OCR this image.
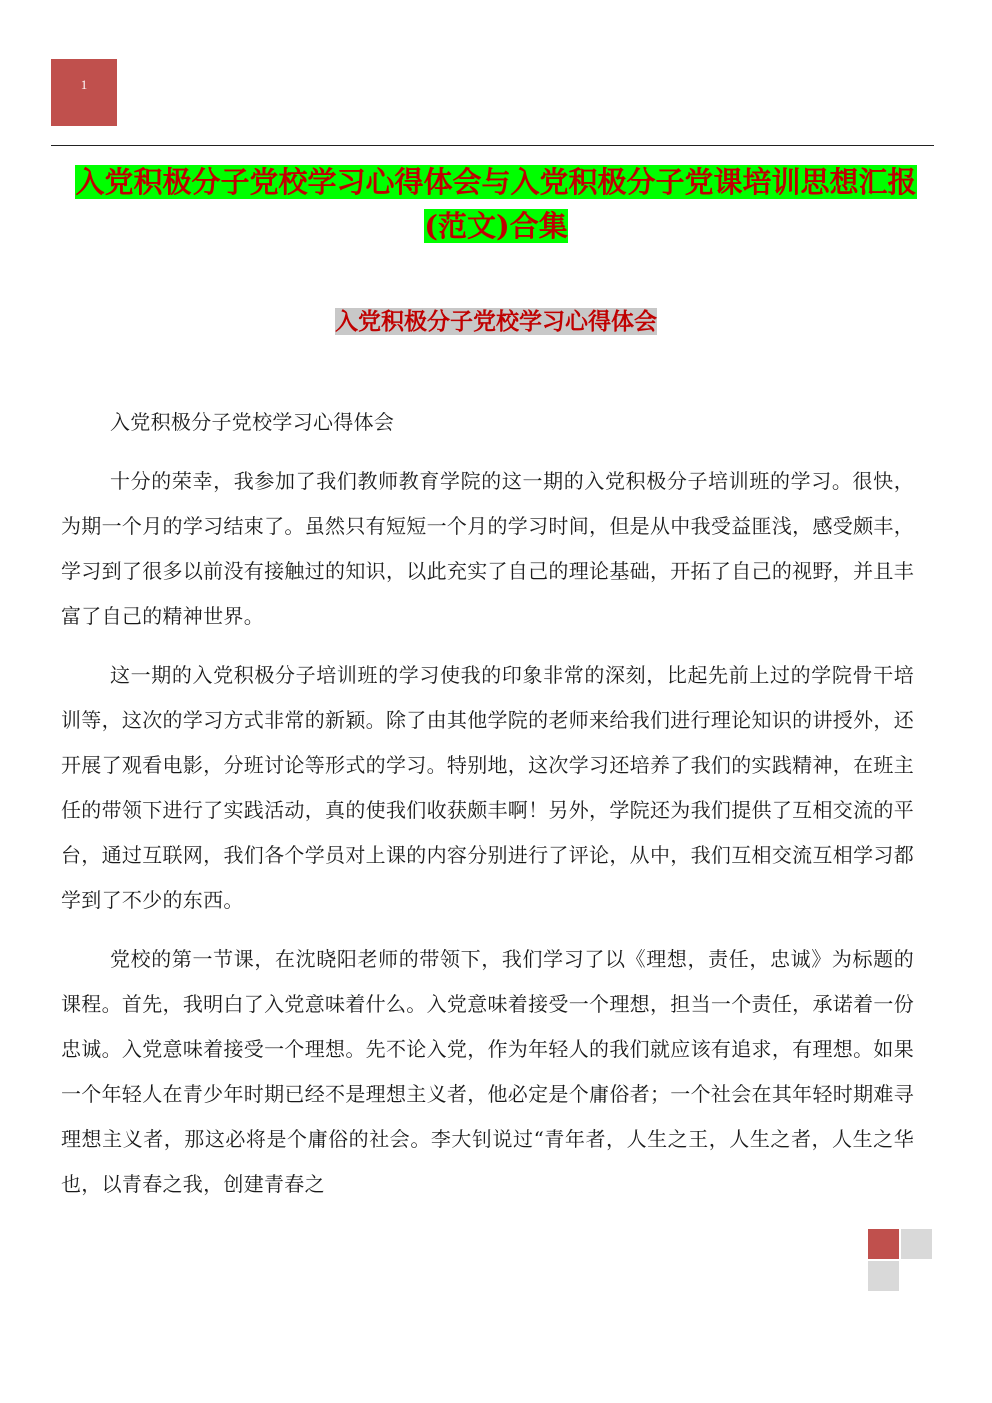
1
入党积极分子党校学习心得体会与入党积极分子党课培训思想汇报(范文)合集
入党积极分子党校学习心得体会

入党积极分子党校学习心得体会

十分的荣幸，我参加了我们教师教育学院的这一期的入党积极分子培训班的学习。很快，为期一个月的学习结束了。虽然只有短短一个月的学习时间，但是从中我受益匪浅，感受颇丰，学习到了很多以前没有接触过的知识，以此充实了自己的理论基础，开拓了自己的视野，并且丰富了自己的精神世界。

这一期的入党积极分子培训班的学习使我的印象非常的深刻，比起先前上过的学院骨干培训等，这次的学习方式非常的新颖。除了由其他学院的老师来给我们进行理论知识的讲授外，还开展了观看电影，分班讨论等形式的学习。特别地，这次学习还培养了我们的实践精神，在班主任的带领下进行了实践活动，真的使我们收获颇丰啊！另外，学院还为我们提供了互相交流的平台，通过互联网，我们各个学员对上课的内容分别进行了评论，从中，我们互相交流互相学习都学到了不少的东西。

党校的第一节课，在沈晓阳老师的带领下，我们学习了以《理想，责任，忠诚》为标题的课程。首先，我明白了入党意味着什么。入党意味着接受一个理想，担当一个责任，承诺着一份忠诚。入党意味着接受一个理想。先不论入党，作为年轻人的我们就应该有追求，有理想。如果一个年轻人在青少年时期已经不是理想主义者，他必定是个庸俗者；一个社会在其年轻时期难寻理想主义者，那这必将是个庸俗的社会。李大钊说过“青年者，人生之王，人生之者，人生之华也，以青春之我，创建青春之
